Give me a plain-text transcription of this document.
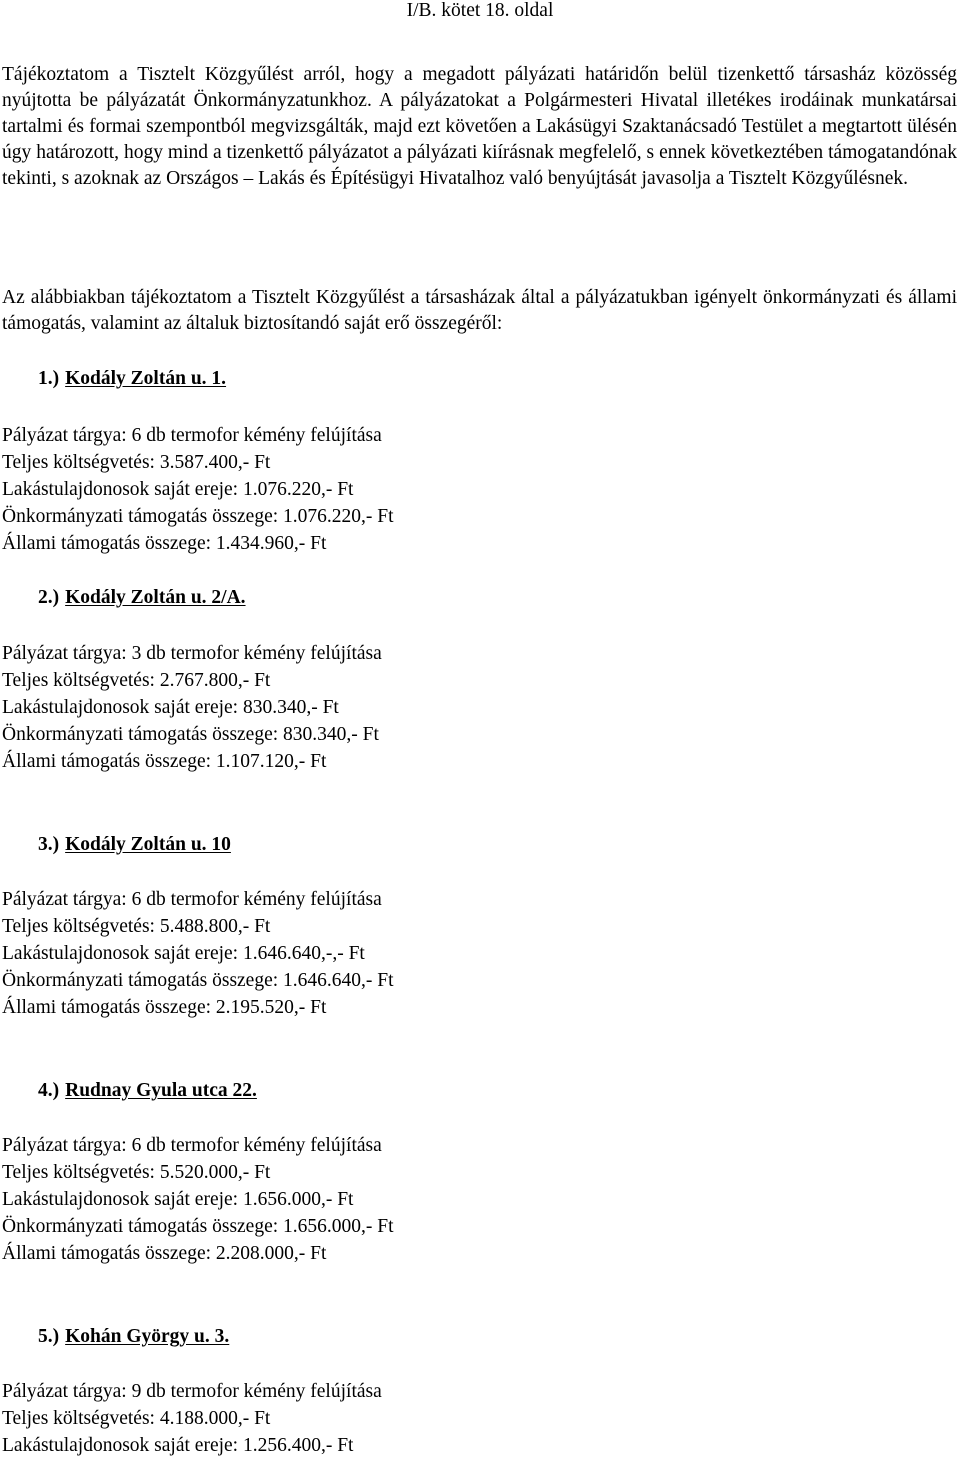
I/B. kötet 18. oldal

Tájékoztatom a Tisztelt Közgyűlést arról, hogy a megadott pályázati határidőn belül tizenkettő társasház közösség nyújtotta be pályázatát Önkormányzatunkhoz. A pályázatokat a Polgármesteri Hivatal illetékes irodáinak munkatársai tartalmi és formai szempontból megvizsgálták, majd ezt követően a Lakásügyi Szaktanácsadó Testület a megtartott ülésén úgy határozott, hogy mind a tizenkettő pályázatot a pályázati kiírásnak megfelelő, s ennek következtében támogatandónak tekinti, s azoknak az Országos – Lakás és Építésügyi Hivatalhoz való benyújtását javasolja a Tisztelt Közgyűlésnek.

Az alábbiakban tájékoztatom a Tisztelt Közgyűlést a társasházak által a pályázatukban igényelt önkormányzati és állami támogatás, valamint az általuk biztosítandó saját erő összegéről:

1.) Kodály Zoltán u. 1.
Pályázat tárgya: 6 db termofor kémény felújítása
Teljes költségvetés: 3.587.400,- Ft
Lakástulajdonosok saját ereje: 1.076.220,- Ft
Önkormányzati támogatás összege: 1.076.220,- Ft
Állami támogatás összege: 1.434.960,- Ft
2.) Kodály Zoltán u. 2/A.
Pályázat tárgya: 3 db termofor kémény felújítása
Teljes költségvetés: 2.767.800,- Ft
Lakástulajdonosok saját ereje: 830.340,- Ft
Önkormányzati támogatás összege: 830.340,- Ft
Állami támogatás összege: 1.107.120,- Ft
3.) Kodály Zoltán u. 10
Pályázat tárgya: 6 db termofor kémény felújítása
Teljes költségvetés: 5.488.800,- Ft
Lakástulajdonosok saját ereje: 1.646.640,-,- Ft
Önkormányzati támogatás összege: 1.646.640,- Ft
Állami támogatás összege: 2.195.520,- Ft
4.) Rudnay Gyula utca 22.
Pályázat tárgya: 6 db termofor kémény felújítása
Teljes költségvetés: 5.520.000,- Ft
Lakástulajdonosok saját ereje: 1.656.000,- Ft
Önkormányzati támogatás összege: 1.656.000,- Ft
Állami támogatás összege: 2.208.000,- Ft
5.) Kohán György u. 3.
Pályázat tárgya: 9 db termofor kémény felújítása
Teljes költségvetés: 4.188.000,- Ft
Lakástulajdonosok saját ereje: 1.256.400,- Ft
